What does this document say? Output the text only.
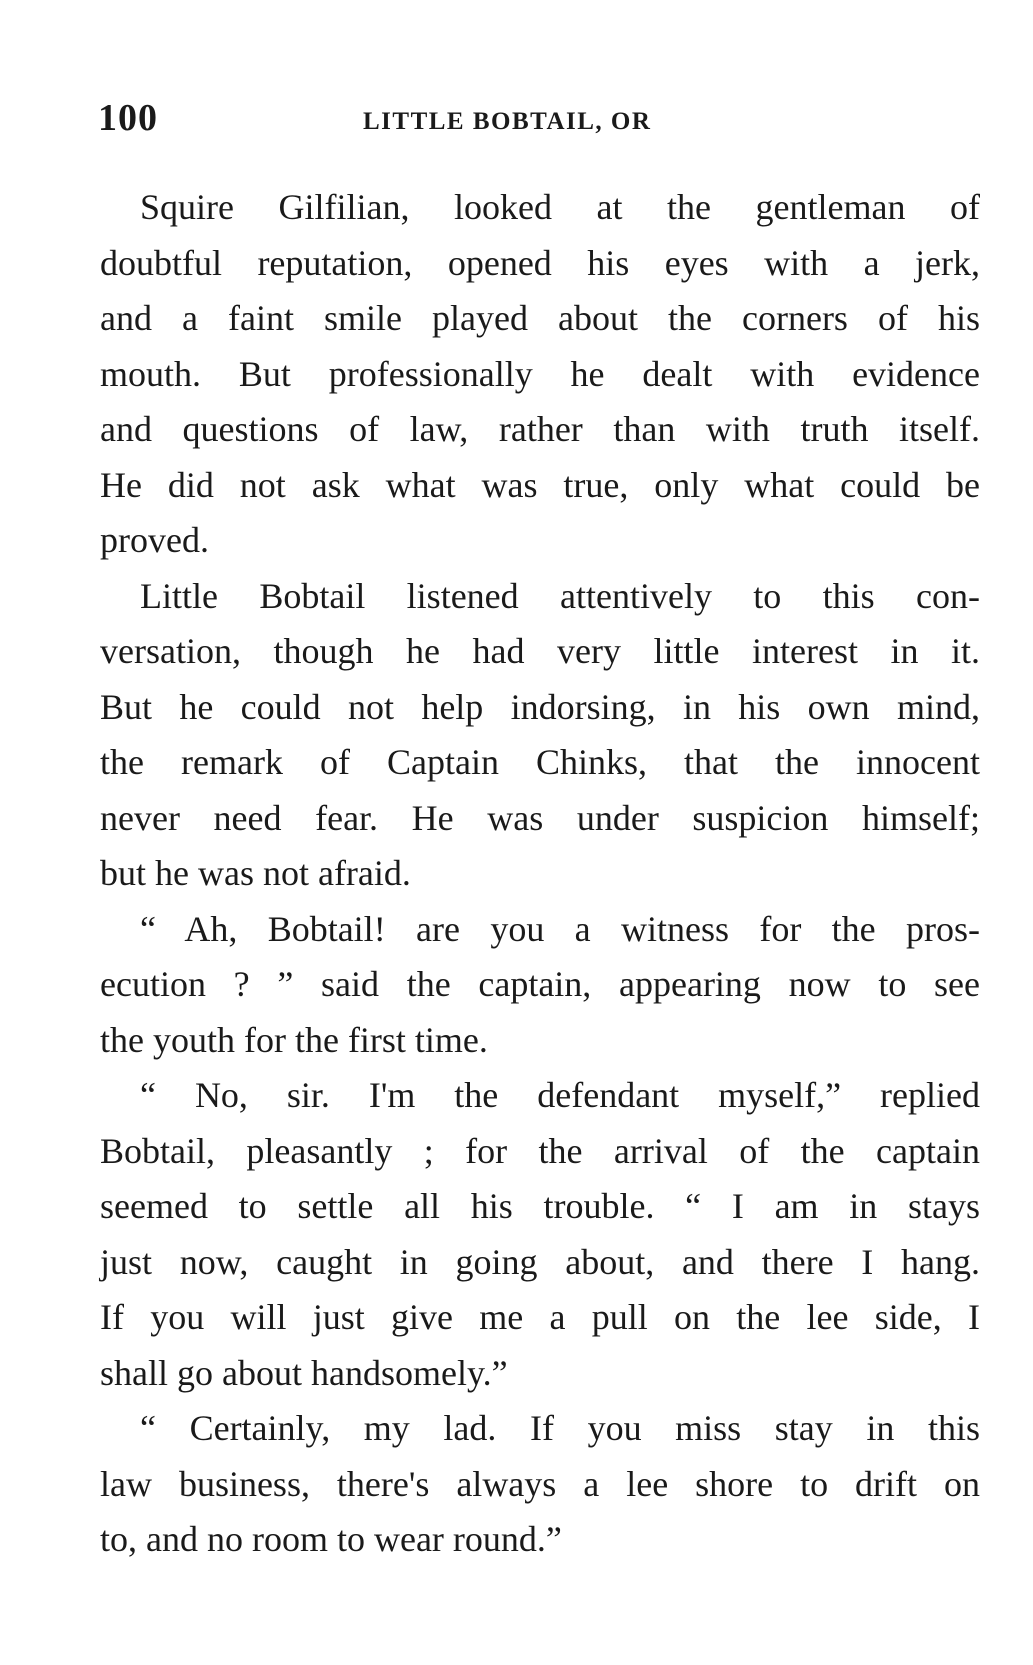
100	LITTLE BOBTAIL, OR

Squire Gilfilian, looked at the gentleman of
doubtful reputation, opened his eyes with a jerk,
and a faint smile played about the corners of his
mouth. But professionally he dealt with evidence
and questions of law, rather than with truth itself.
He did not ask what was true, only what could be
proved.

Little Bobtail listened attentively to this con-
versation, though he had very little interest in it.
But he could not help indorsing, in his own mind,
the remark of Captain Chinks, that the innocent
never need fear. He was under suspicion himself;
but he was not afraid.

“ Ah, Bobtail! are you a witness for the pros-
ecution ? ” said the captain, appearing now to see
the youth for the first time.

“ No, sir. I'm the defendant myself,” replied
Bobtail, pleasantly ; for the arrival of the captain
seemed to settle all his trouble. “ I am in stays
just now, caught in going about, and there I hang.
If you will just give me a pull on the lee side, I
shall go about handsomely.”

“ Certainly, my lad. If you miss stay in this
law business, there's always a lee shore to drift on
to, and no room to wear round.”
